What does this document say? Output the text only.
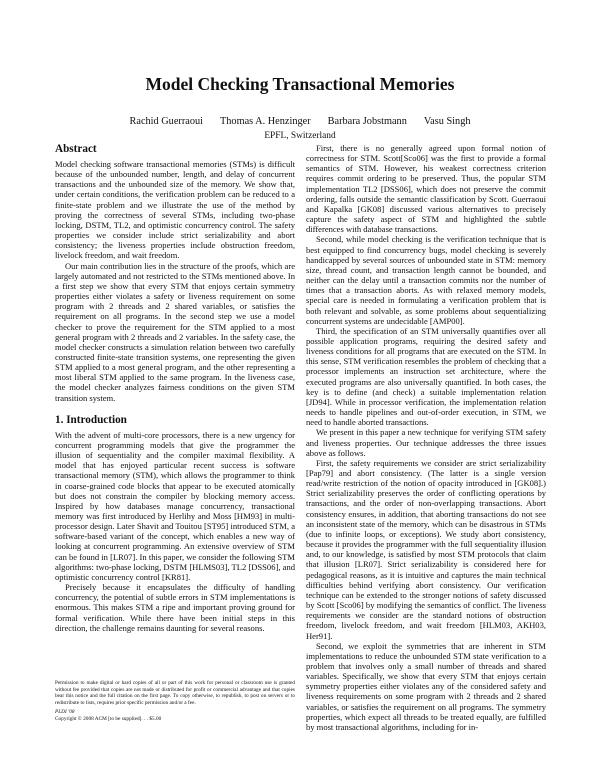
Model Checking Transactional Memories
Rachid Guerraoui Thomas A. Henzinger Barbara Jobstmann Vasu Singh
EPFL, Switzerland
Abstract

Model checking software transactional memories (STMs) is difficult because of the unbounded number, length, and delay of concurrent transactions and the unbounded size of the memory. We show that, under certain conditions, the verification problem can be reduced to a finite-state problem and we illustrate the use of the method by proving the correctness of several STMs, including two-phase locking, DSTM, TL2, and optimistic concurrency control. The safety properties we consider include strict serializability and abort consistency; the liveness properties include obstruction freedom, livelock freedom, and wait freedom.

Our main contribution lies in the structure of the proofs, which are largely automated and not restricted to the STMs mentioned above. In a first step we show that every STM that enjoys certain symmetry properties either violates a safety or liveness requirement on some program with 2 threads and 2 shared variables, or satisfies the requirement on all programs. In the second step we use a model checker to prove the requirement for the STM applied to a most general program with 2 threads and 2 variables. In the safety case, the model checker constructs a simulation relation between two carefully constructed finite-state transition systems, one representing the given STM applied to a most general program, and the other representing a most liberal STM applied to the same program. In the liveness case, the model checker analyzes fairness conditions on the given STM transition system.

1. Introduction

With the advent of multi-core processors, there is a new urgency for concurrent programming models that give the programmer the illusion of sequentiality and the compiler maximal flexibility. A model that has enjoyed particular recent success is software transactional memory (STM), which allows the programmer to think in coarse-grained code blocks that appear to be executed atomically but does not constrain the compiler by blocking memory access. Inspired by how databases manage concurrency, transactional memory was first introduced by Herlihy and Moss [HM93] in multi-processor design. Later Shavit and Touitou [ST95] introduced STM, a software-based variant of the concept, which enables a new way of looking at concurrent programming. An extensive overview of STM can be found in [LR07]. In this paper, we consider the following STM algorithms: two-phase locking, DSTM [HLMS03], TL2 [DSS06], and optimistic concurrency control [KR81].

Precisely because it encapsulates the difficulty of handling concurrency, the potential of subtle errors in STM implementations is enormous. This makes STM a ripe and important proving ground for formal verification. While there have been initial steps in this direction, the challenge remains daunting for several reasons.

First, there is no generally agreed upon formal notion of correctness for STM. Scott[Sco06] was the first to provide a formal semantics of STM. However, his weakest correctness criterion requires commit ordering to be preserved. Thus, the popular STM implementation TL2 [DSS06], which does not preserve the commit ordering, falls outside the semantic classification by Scott. Guerraoui and Kapalka [GK08] discussed various alternatives to precisely capture the safety aspect of STM and highlighted the subtle differences with database transactions.

Second, while model checking is the verification technique that is best equipped to find concurrency bugs, model checking is severely handicapped by several sources of unbounded state in STM: memory size, thread count, and transaction length cannot be bounded, and neither can the delay until a transaction commits nor the number of times that a transaction aborts. As with relaxed memory models, special care is needed in formulating a verification problem that is both relevant and solvable, as some problems about sequentializing concurrent systems are undecidable [AMP00].

Third, the specification of an STM universally quantifies over all possible application programs, requiring the desired safety and liveness conditions for all programs that are executed on the STM. In this sense, STM verification resembles the problem of checking that a processor implements an instruction set architecture, where the executed programs are also universally quantified. In both cases, the key is to define (and check) a suitable implementation relation [JD94]. While in processor verification, the implementation relation needs to handle pipelines and out-of-order execution, in STM, we need to handle aborted transactions.

We present in this paper a new technique for verifying STM safety and liveness properties. Our technique addresses the three issues above as follows.

First, the safety requirements we consider are strict serializability [Pap79] and abort consistency. (The latter is a single version read/write restriction of the notion of opacity introduced in [GK08].) Strict serializability preserves the order of conflicting operations by transactions, and the order of non-overlapping transactions. Abort consistency ensures, in addition, that aborting transactions do not see an inconsistent state of the memory, which can be disastrous in STMs (due to infinite loops, or exceptions). We study abort consistency, because it provides the programmer with the full sequentiality illusion and, to our knowledge, is satisfied by most STM protocols that claim that illusion [LR07]. Strict serializability is considered here for pedagogical reasons, as it is intuitive and captures the main technical difficulties behind verifying abort consistency. Our verification technique can be extended to the stronger notions of safety discussed by Scott [Sco06] by modifying the semantics of conflict. The liveness requirements we consider are the standard notions of obstruction freedom, livelock freedom, and wait freedom [HLM03, AKH03, Her91].

Second, we exploit the symmetries that are inherent in STM implementations to reduce the unbounded STM state verification to a problem that involves only a small number of threads and shared variables. Specifically, we show that every STM that enjoys certain symmetry properties either violates any of the considered safety and liveness requirements on some program with 2 threads and 2 shared variables, or satisfies the requirement on all programs. The symmetry properties, which expect all threads to be treated equally, are fulfilled by most transactional algorithms, including for in-

Permission to make digital or hard copies of all or part of this work for personal or classroom use is granted without fee provided that copies are not made or distributed for profit or commercial advantage and that copies bear this notice and the full citation on the first page. To copy otherwise, to republish, to post on servers or to redistribute to lists, requires prior specific permission and/or a fee.
PLDI '08
Copyright © 2008 ACM [to be supplied]. . . $5.00
